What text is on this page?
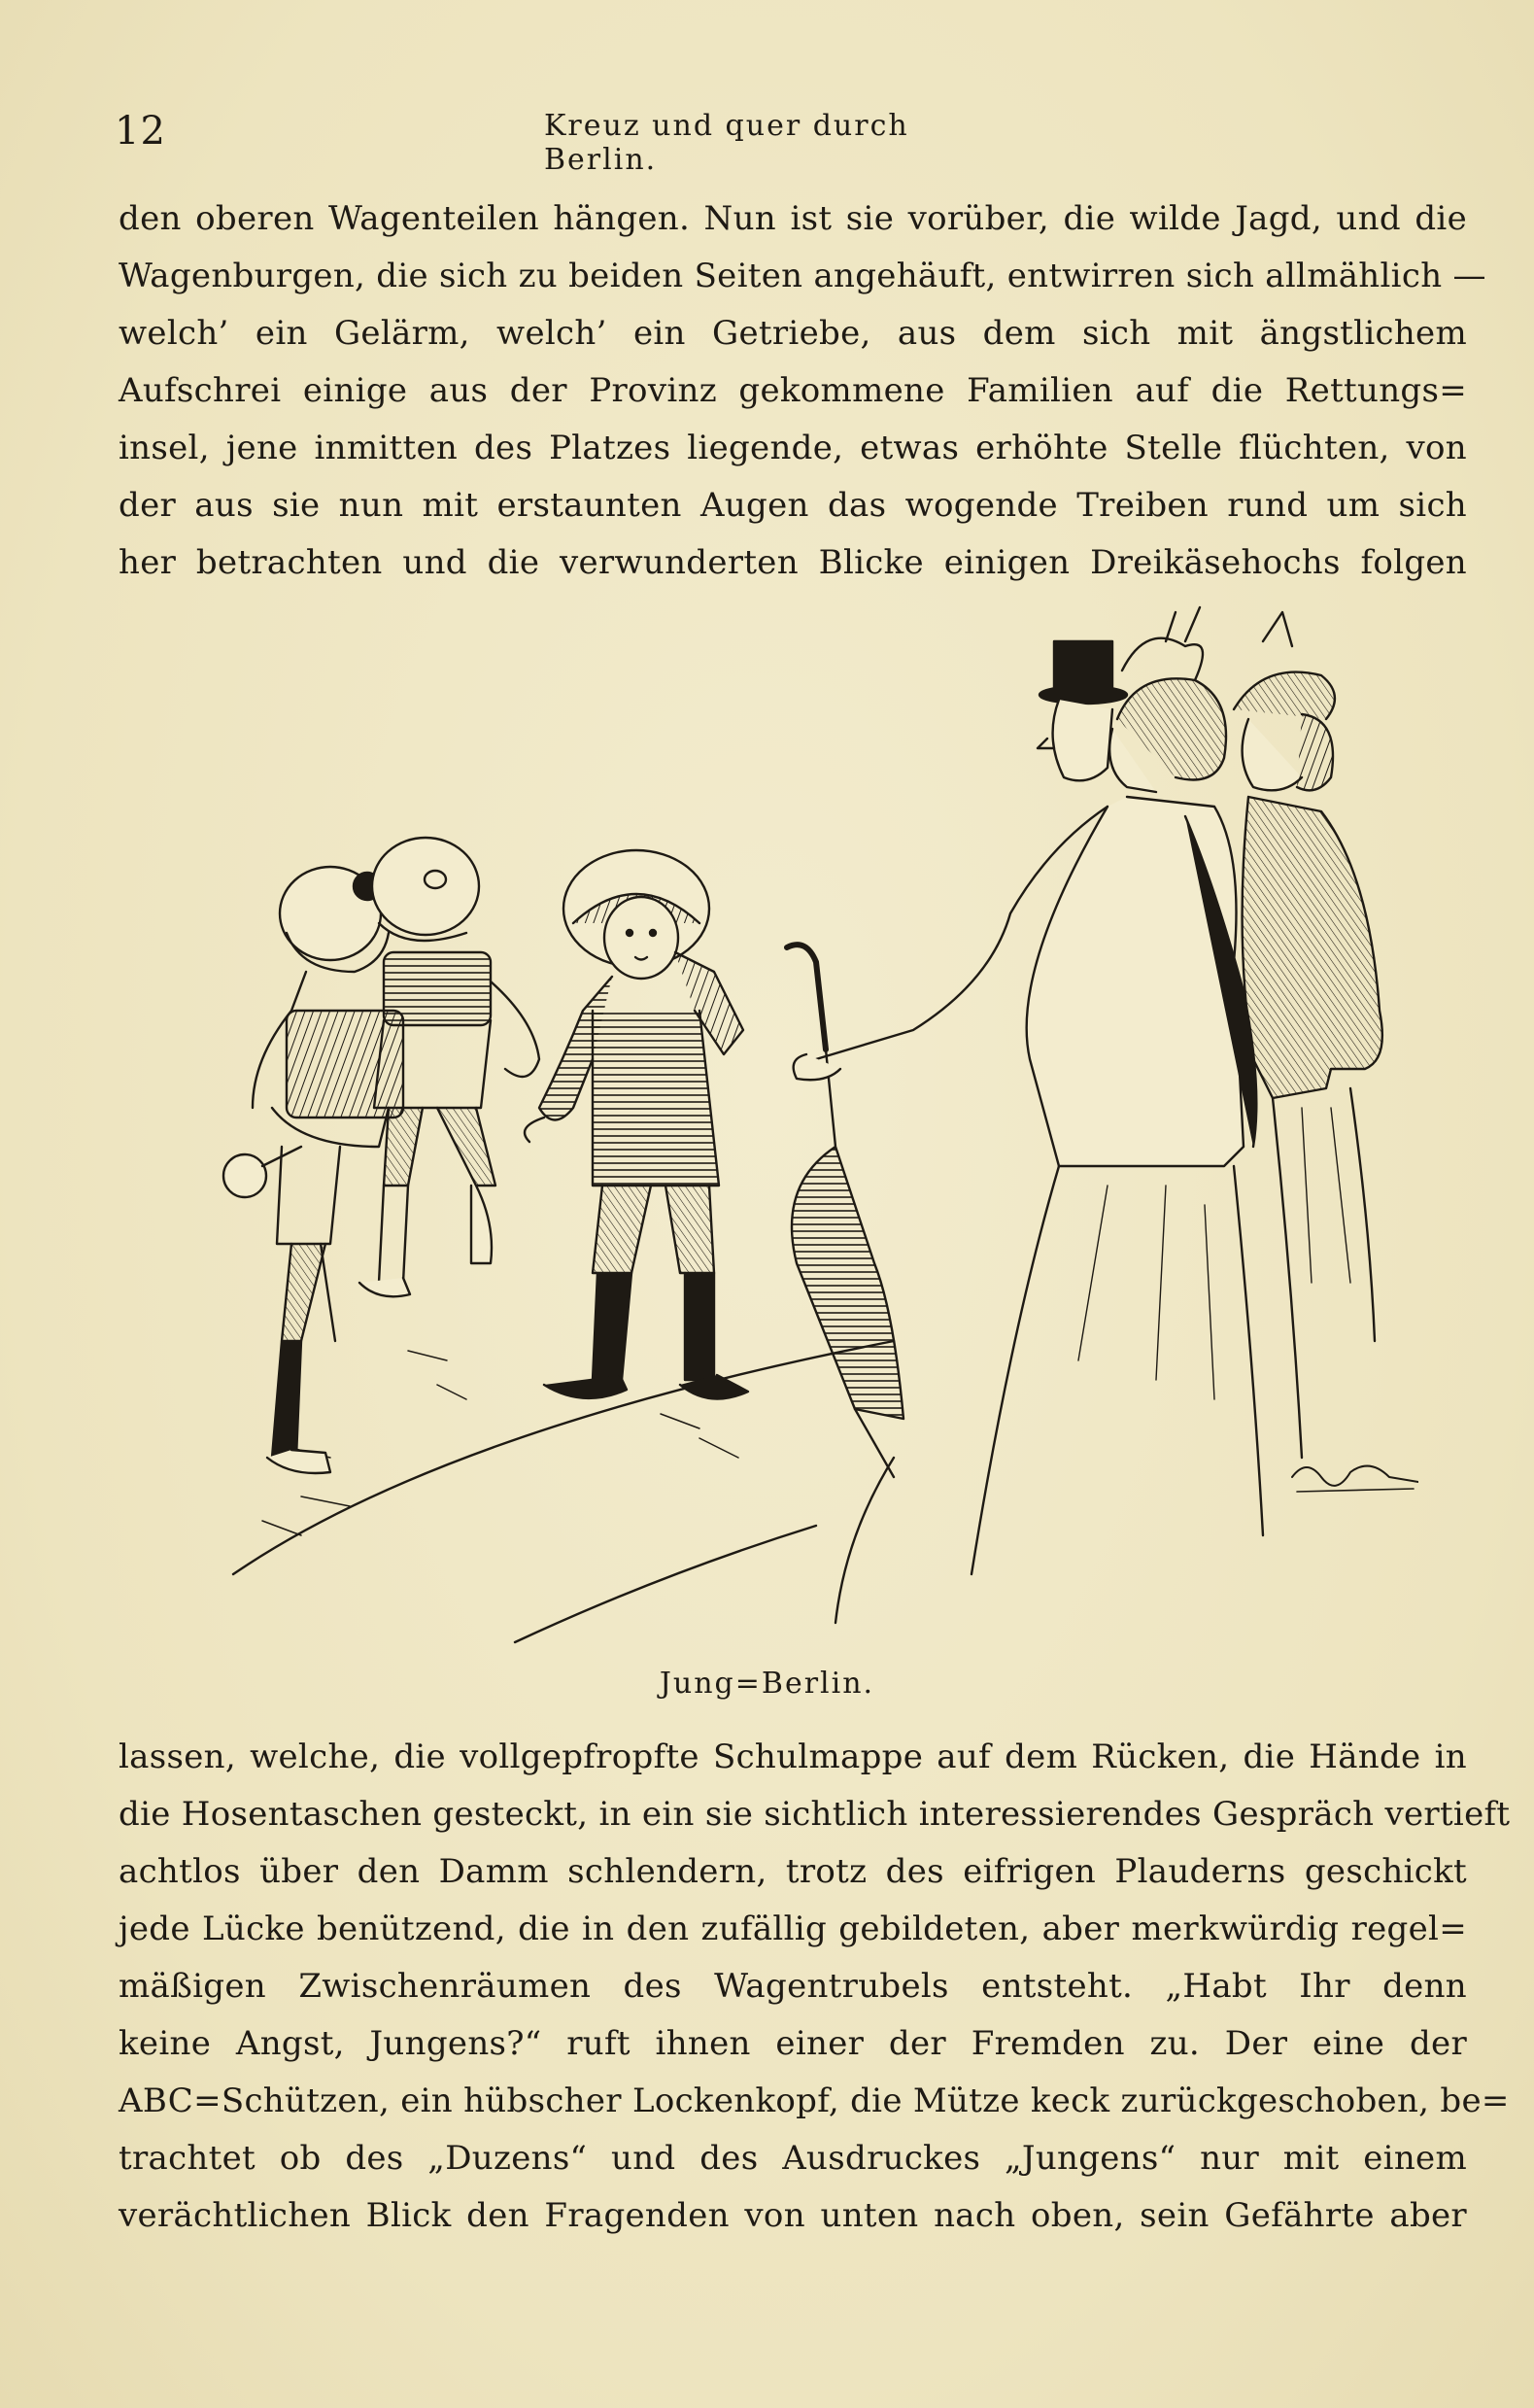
12	Kreuz und quer durch Berlin.
den oberen Wagenteilen hängen. Nun ist sie vorüber, die wilde Jagd, und die
Wagenburgen, die sich zu beiden Seiten angehäuft, entwirren sich allmählich —
welch’ ein Gelärm, welch’ ein Getriebe, aus dem sich mit ängstlichem
Aufschrei einige aus der Provinz gekommene Familien auf die Rettungs=
insel, jene inmitten des Platzes liegende, etwas erhöhte Stelle flüchten, von
der aus sie nun mit erstaunten Augen das wogende Treiben rund um sich
her betrachten und die verwunderten Blicke einigen Dreikäsehochs folgen
Jung=Berlin.
lassen, welche, die vollgepfropfte Schulmappe auf dem Rücken, die Hände in
die Hosentaschen gesteckt, in ein sie sichtlich interessierendes Gespräch vertieft
achtlos über den Damm schlendern, trotz des eifrigen Plauderns geschickt
jede Lücke benützend, die in den zufällig gebildeten, aber merkwürdig regel=
mäßigen Zwischenräumen des Wagentrubels entsteht. „Habt Ihr denn
keine Angst, Jungens?“ ruft ihnen einer der Fremden zu. Der eine der
ABC=Schützen, ein hübscher Lockenkopf, die Mütze keck zurückgeschoben, be=
trachtet ob des „Duzens“ und des Ausdruckes „Jungens“ nur mit einem
verächtlichen Blick den Fragenden von unten nach oben, sein Gefährte aber
